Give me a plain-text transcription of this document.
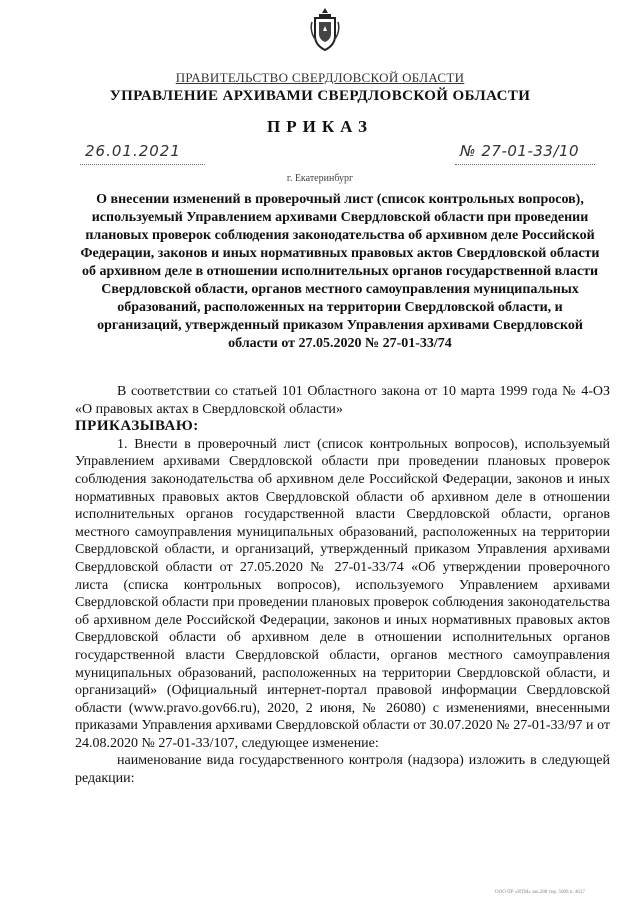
ПРАВИТЕЛЬСТВО СВЕРДЛОВСКОЙ ОБЛАСТИ
УПРАВЛЕНИЕ АРХИВАМИ СВЕРДЛОВСКОЙ ОБЛАСТИ
ПРИКАЗ
26.01.2021	№ 27-01-33/10
г. Екатеринбург
О внесении изменений в проверочный лист (список контрольных вопросов), используемый Управлением архивами Свердловской области при проведении плановых проверок соблюдения законодательства об архивном деле Российской Федерации, законов и иных нормативных правовых актов Свердловской области об архивном деле в отношении исполнительных органов государственной власти Свердловской области, органов местного самоуправления муниципальных образований, расположенных на территории Свердловской области, и организаций, утвержденный приказом Управления архивами Свердловской области от 27.05.2020 № 27-01-33/74

В соответствии со статьей 101 Областного закона от 10 марта 1999 года № 4-ОЗ «О правовых актах в Свердловской области»

ПРИКАЗЫВАЮ:

1. Внести в проверочный лист (список контрольных вопросов), используемый Управлением архивами Свердловской области при проведении плановых проверок соблюдения законодательства об архивном деле Российской Федерации, законов и иных нормативных правовых актов Свердловской области об архивном деле в отношении исполнительных органов государственной власти Свердловской области, органов местного самоуправления муниципальных образований, расположенных на территории Свердловской области, и организаций, утвержденный приказом Управления архивами Свердловской области от 27.05.2020 № 27-01-33/74 «Об утверждении проверочного листа (списка контрольных вопросов), используемого Управлением архивами Свердловской области при проведении плановых проверок соблюдения законодательства об архивном деле Российской Федерации, законов и иных нормативных правовых актов Свердловской области об архивном деле в отношении исполнительных органов государственной власти Свердловской области, органов местного самоуправления муниципальных образований, расположенных на территории Свердловской области, и организаций» (Официальный интернет-портал правовой информации Свердловской области (www.pravo.gov66.ru), 2020, 2 июня, № 26080) с изменениями, внесенными приказами Управления архивами Свердловской области от 30.07.2020 № 27-01-33/97 и от 24.08.2020 № 27-01-33/107, следующее изменение:

наименование вида государственного контроля (надзора) изложить в следующей редакции:

ООО ПР «ИТМ» зак.288 тир. 5000 п. 4637
